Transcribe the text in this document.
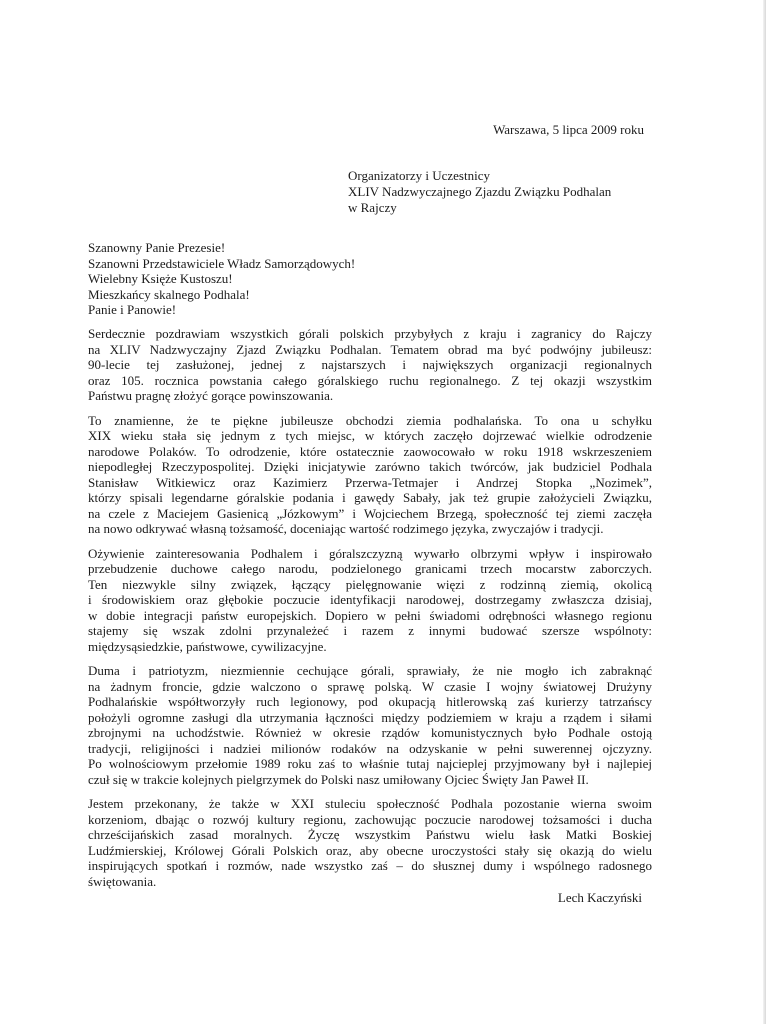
Warszawa, 5 lipca 2009 roku
Organizatorzy i Uczestnicy
XLIV Nadzwyczajnego Zjazdu Związku Podhalan
w Rajczy
Szanowny Panie Prezesie!
Szanowni Przedstawiciele Władz Samorządowych!
Wielebny Księże Kustoszu!
Mieszkańcy skalnego Podhala!
Panie i Panowie!

Serdecznie pozdrawiam wszystkich górali polskich przybyłych z kraju i zagranicy do Rajczy
na XLIV Nadzwyczajny Zjazd Związku Podhalan. Tematem obrad ma być podwójny jubileusz:
90-lecie tej zasłużonej, jednej z najstarszych i największych organizacji regionalnych
oraz 105. rocznica powstania całego góralskiego ruchu regionalnego. Z tej okazji wszystkim
Państwu pragnę złożyć gorące powinszowania.

To znamienne, że te piękne jubileusze obchodzi ziemia podhalańska. To ona u schyłku
XIX wieku stała się jednym z tych miejsc, w których zaczęło dojrzewać wielkie odrodzenie
narodowe Polaków. To odrodzenie, które ostatecznie zaowocowało w roku 1918 wskrzeszeniem
niepodległej Rzeczypospolitej. Dzięki inicjatywie zarówno takich twórców, jak budziciel Podhala
Stanisław Witkiewicz oraz Kazimierz Przerwa-Tetmajer i Andrzej Stopka „Nozimek”,
którzy spisali legendarne góralskie podania i gawędy Sabały, jak też grupie założycieli Związku,
na czele z Maciejem Gasienicą „Józkowym” i Wojciechem Brzegą, społeczność tej ziemi zaczęła
na nowo odkrywać własną tożsamość, doceniając wartość rodzimego języka, zwyczajów i tradycji.

Ożywienie zainteresowania Podhalem i góralszczyzną wywarło olbrzymi wpływ i inspirowało
przebudzenie duchowe całego narodu, podzielonego granicami trzech mocarstw zaborczych.
Ten niezwykle silny związek, łączący pielęgnowanie więzi z rodzinną ziemią, okolicą
i środowiskiem oraz głębokie poczucie identyfikacji narodowej, dostrzegamy zwłaszcza dzisiaj,
w dobie integracji państw europejskich. Dopiero w pełni świadomi odrębności własnego regionu
stajemy się wszak zdolni przynależeć i razem z innymi budować szersze wspólnoty:
międzysąsiedzkie, państwowe, cywilizacyjne.

Duma i patriotyzm, niezmiennie cechujące górali, sprawiały, że nie mogło ich zabraknąć
na żadnym froncie, gdzie walczono o sprawę polską. W czasie I wojny światowej Drużyny
Podhalańskie współtworzyły ruch legionowy, pod okupacją hitlerowską zaś kurierzy tatrzańscy
położyli ogromne zasługi dla utrzymania łączności między podziemiem w kraju a rządem i siłami
zbrojnymi na uchodźstwie. Również w okresie rządów komunistycznych było Podhale ostoją
tradycji, religijności i nadziei milionów rodaków na odzyskanie w pełni suwerennej ojczyzny.
Po wolnościowym przełomie 1989 roku zaś to właśnie tutaj najcieplej przyjmowany był i najlepiej
czuł się w trakcie kolejnych pielgrzymek do Polski nasz umiłowany Ojciec Święty Jan Paweł II.

Jestem przekonany, że także w XXI stuleciu społeczność Podhala pozostanie wierna swoim
korzeniom, dbając o rozwój kultury regionu, zachowując poczucie narodowej tożsamości i ducha
chrześcijańskich zasad moralnych. Życzę wszystkim Państwu wielu łask Matki Boskiej
Ludźmierskiej, Królowej Górali Polskich oraz, aby obecne uroczystości stały się okazją do wielu
inspirujących spotkań i rozmów, nade wszystko zaś – do słusznej dumy i wspólnego radosnego
świętowania.

Lech Kaczyński
